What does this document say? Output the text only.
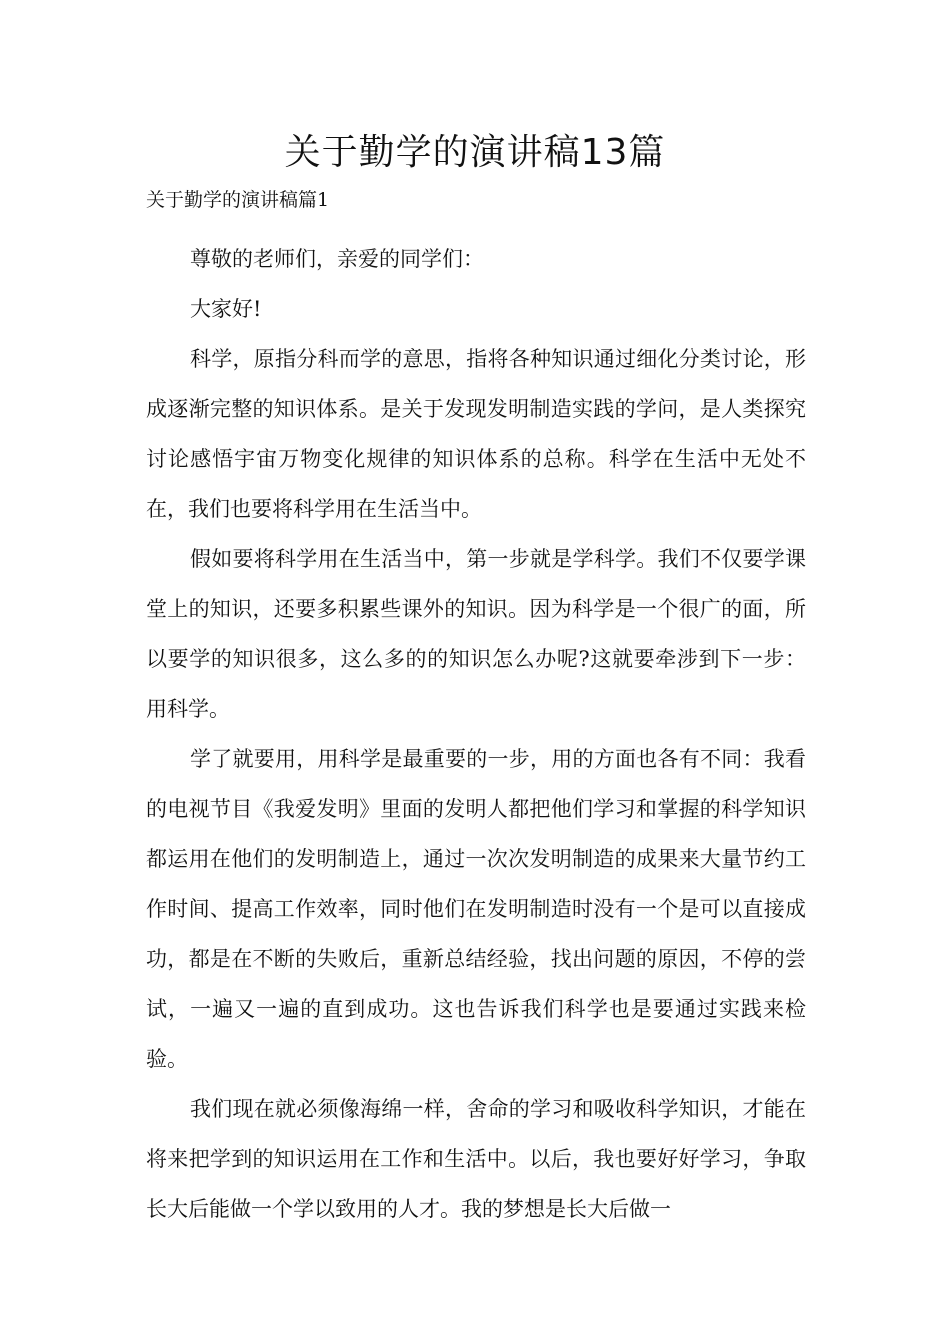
关于勤学的演讲稿13篇
关于勤学的演讲稿篇1

尊敬的老师们，亲爱的同学们：

大家好!

科学，原指分科而学的意思，指将各种知识通过细化分类讨论，形成逐渐完整的知识体系。是关于发现发明制造实践的学问，是人类探究讨论感悟宇宙万物变化规律的知识体系的总称。科学在生活中无处不在，我们也要将科学用在生活当中。

假如要将科学用在生活当中，第一步就是学科学。我们不仅要学课堂上的知识，还要多积累些课外的知识。因为科学是一个很广的面，所以要学的知识很多，这么多的的知识怎么办呢?这就要牵涉到下一步：用科学。

学了就要用，用科学是最重要的一步，用的方面也各有不同：我看的电视节目《我爱发明》里面的发明人都把他们学习和掌握的科学知识都运用在他们的发明制造上，通过一次次发明制造的成果来大量节约工作时间、提高工作效率，同时他们在发明制造时没有一个是可以直接成功，都是在不断的失败后，重新总结经验，找出问题的原因，不停的尝试，一遍又一遍的直到成功。这也告诉我们科学也是要通过实践来检验。

我们现在就必须像海绵一样，舍命的学习和吸收科学知识，才能在将来把学到的知识运用在工作和生活中。以后，我也要好好学习，争取长大后能做一个学以致用的人才。我的梦想是长大后做一
